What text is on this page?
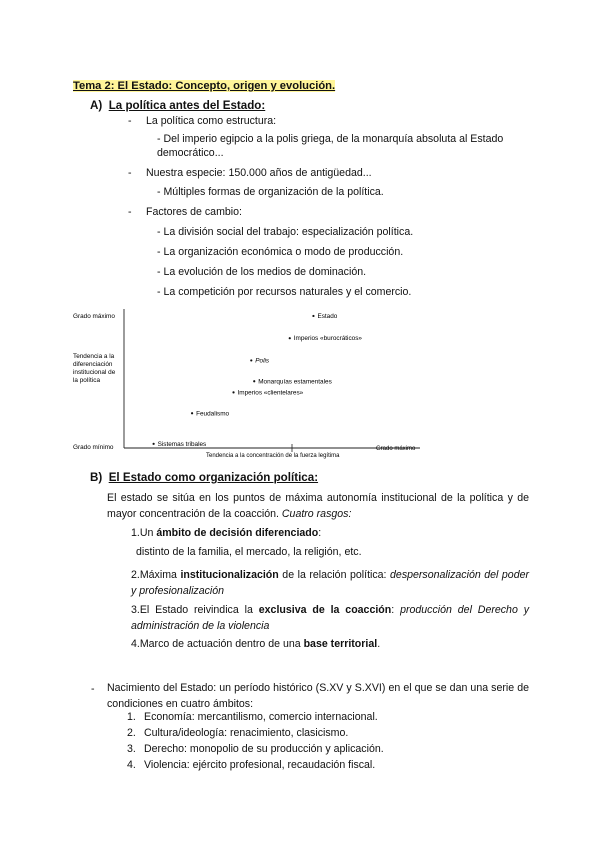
Tema 2: El Estado: Concepto, origen y evolución.
A) La política antes del Estado:
- La política como estructura:
- Del imperio egipcio a la polis griega, de la monarquía absoluta al Estado
democrático...
- Nuestra especie: 150.000 años de antigüedad...
- Múltiples formas de organización de la política.
- Factores de cambio:
- La división social del trabajo: especialización política.
- La organización económica o modo de producción.
- La evolución de los medios de dominación.
- La competición por recursos naturales y el comercio.
Grado máximo
Tendencia a la
diferenciación
institucional de
la política
Grado mínimo	Grado máximo
Tendencia a la concentración de la fuerza legítima
Estado
Imperios «burocráticos»
Polis
Monarquías estamentales
Imperios «clientelares»
Feudalismo
Sistemas tribales
B) El Estado como organización política:
El estado se sitúa en los puntos de máxima autonomía institucional de la política y de mayor concentración de la coacción. Cuatro rasgos:
1.Un ámbito de decisión diferenciado:
distinto de la familia, el mercado, la religión, etc.
2.Máxima institucionalización de la relación política: despersonalización del poder y profesionalización
3.El Estado reivindica la exclusiva de la coacción: producción del Derecho y administración de la violencia
4.Marco de actuación dentro de una base territorial.
- Nacimiento del Estado: un período histórico (S.XV y S.XVI) en el que se dan una serie de condiciones en cuatro ámbitos:
1. Economía: mercantilismo, comercio internacional.
2. Cultura/ideología: renacimiento, clasicismo.
3. Derecho: monopolio de su producción y aplicación.
4. Violencia: ejército profesional, recaudación fiscal.
